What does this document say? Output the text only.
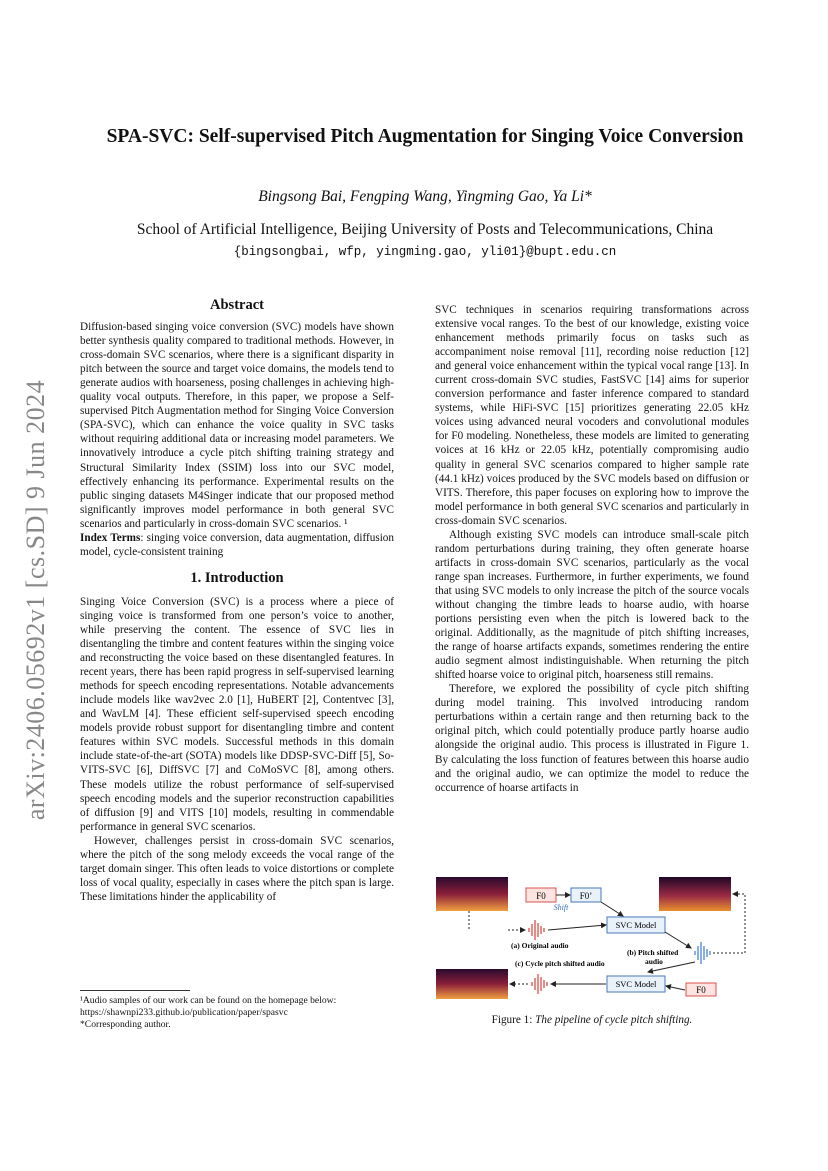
arXiv:2406.05692v1 [cs.SD] 9 Jun 2024
SPA-SVC: Self-supervised Pitch Augmentation for Singing Voice Conversion
Bingsong Bai, Fengping Wang, Yingming Gao, Ya Li*
School of Artificial Intelligence, Beijing University of Posts and Telecommunications, China
{bingsongbai, wfp, yingming.gao, yli01}@bupt.edu.cn
Abstract

Diffusion-based singing voice conversion (SVC) models have shown better synthesis quality compared to traditional methods. However, in cross-domain SVC scenarios, where there is a significant disparity in pitch between the source and target voice domains, the models tend to generate audios with hoarseness, posing challenges in achieving high-quality vocal outputs. Therefore, in this paper, we propose a Self-supervised Pitch Augmentation method for Singing Voice Conversion (SPA-SVC), which can enhance the voice quality in SVC tasks without requiring additional data or increasing model parameters. We innovatively introduce a cycle pitch shifting training strategy and Structural Similarity Index (SSIM) loss into our SVC model, effectively enhancing its performance. Experimental results on the public singing datasets M4Singer indicate that our proposed method significantly improves model performance in both general SVC scenarios and particularly in cross-domain SVC scenarios. ¹

Index Terms: singing voice conversion, data augmentation, diffusion model, cycle-consistent training

1. Introduction

Singing Voice Conversion (SVC) is a process where a piece of singing voice is transformed from one person’s voice to another, while preserving the content. The essence of SVC lies in disentangling the timbre and content features within the singing voice and reconstructing the voice based on these disentangled features. In recent years, there has been rapid progress in self-supervised learning methods for speech encoding representations. Notable advancements include models like wav2vec 2.0 [1], HuBERT [2], Contentvec [3], and WavLM [4]. These efficient self-supervised speech encoding models provide robust support for disentangling timbre and content features within SVC models. Successful methods in this domain include state-of-the-art (SOTA) models like DDSP-SVC-Diff [5], So-VITS-SVC [6], DiffSVC [7] and CoMoSVC [8], among others. These models utilize the robust performance of self-supervised speech encoding models and the superior reconstruction capabilities of diffusion [9] and VITS [10] models, resulting in commendable performance in general SVC scenarios.

However, challenges persist in cross-domain SVC scenarios, where the pitch of the song melody exceeds the vocal range of the target domain singer. This often leads to voice distortions or complete loss of vocal quality, especially in cases where the pitch span is large. These limitations hinder the applicability of

SVC techniques in scenarios requiring transformations across extensive vocal ranges. To the best of our knowledge, existing voice enhancement methods primarily focus on tasks such as accompaniment noise removal [11], recording noise reduction [12] and general voice enhancement within the typical vocal range [13]. In current cross-domain SVC studies, FastSVC [14] aims for superior conversion performance and faster inference compared to standard systems, while HiFi-SVC [15] prioritizes generating 22.05 kHz voices using advanced neural vocoders and convolutional modules for F0 modeling. Nonetheless, these models are limited to generating voices at 16 kHz or 22.05 kHz, potentially compromising audio quality in general SVC scenarios compared to higher sample rate (44.1 kHz) voices produced by the SVC models based on diffusion or VITS. Therefore, this paper focuses on exploring how to improve the model performance in both general SVC scenarios and particularly in cross-domain SVC scenarios.

Although existing SVC models can introduce small-scale pitch random perturbations during training, they often generate hoarse artifacts in cross-domain SVC scenarios, particularly as the vocal range span increases. Furthermore, in further experiments, we found that using SVC models to only increase the pitch of the source vocals without changing the timbre leads to hoarse audio, with hoarse portions persisting even when the pitch is lowered back to the original. Additionally, as the magnitude of pitch shifting increases, the range of hoarse artifacts expands, sometimes rendering the entire audio segment almost indistinguishable. When returning the pitch shifted hoarse voice to original pitch, hoarseness still remains.

Therefore, we explored the possibility of cycle pitch shifting during model training. This involved introducing random perturbations within a certain range and then returning back to the original pitch, which could potentially produce partly hoarse audio alongside the original audio. This process is illustrated in Figure 1. By calculating the loss function of features between this hoarse audio and the original audio, we can optimize the model to reduce the occurrence of hoarse artifacts in

¹Audio samples of our work can be found on the homepage below: https://shawnpi233.github.io/publication/paper/spasvc

*Corresponding author.

F0	F0’
Shift
SVC Model
SVC Model
F0
(a) Original audio
(b) Pitch shifted
audio
(c) Cycle pitch shifted audio
Figure 1: The pipeline of cycle pitch shifting.
